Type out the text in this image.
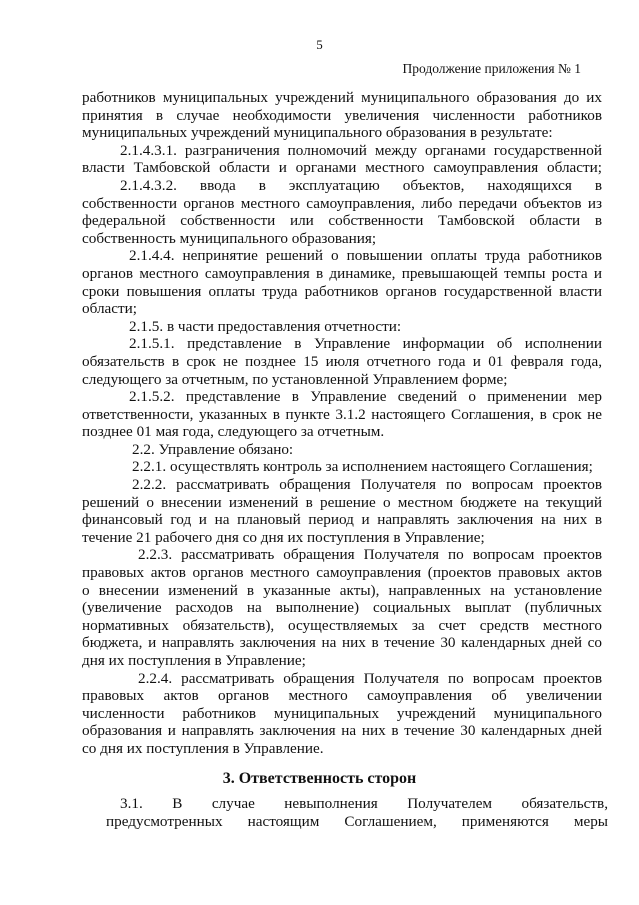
5
Продолжение приложения № 1

работников муниципальных учреждений муниципального образования до их

принятия в случае необходимости увеличения численности работников

муниципальных учреждений муниципального образования в результате:

2.1.4.3.1. разграничения полномочий между органами государственной

власти Тамбовской области и органами местного самоуправления области;

2.1.4.3.2. ввода в эксплуатацию объектов, находящихся в

собственности органов местного самоуправления, либо передачи объектов из

федеральной собственности или собственности Тамбовской области в

собственность муниципального образования;

2.1.4.4. непринятие решений о повышении оплаты труда работников

органов местного самоуправления в динамике, превышающей темпы роста и

сроки повышения оплаты труда работников органов государственной власти

области;

2.1.5. в части предоставления отчетности:

2.1.5.1. представление в Управление информации об исполнении

обязательств в срок не позднее 15 июля отчетного года и 01 февраля года,

следующего за отчетным, по установленной Управлением форме;

2.1.5.2. представление в Управление сведений о применении мер

ответственности, указанных в пункте 3.1.2 настоящего Соглашения, в срок не

позднее 01 мая года, следующего за отчетным.

2.2. Управление обязано:

2.2.1. осуществлять контроль за исполнением настоящего Соглашения;

2.2.2. рассматривать обращения Получателя по вопросам проектов

решений о внесении изменений в решение о местном бюджете на текущий

финансовый год и на плановый период и направлять заключения на них в

течение 21 рабочего дня со дня их поступления в Управление;

2.2.3. рассматривать обращения Получателя по вопросам проектов

правовых актов органов местного самоуправления (проектов правовых актов

о внесении изменений в указанные акты), направленных на установление

(увеличение расходов на выполнение) социальных выплат (публичных

нормативных обязательств), осуществляемых за счет средств местного

бюджета, и направлять заключения на них в течение 30 календарных дней со

дня их поступления в Управление;

2.2.4. рассматривать обращения Получателя по вопросам проектов

правовых актов органов местного самоуправления об увеличении

численности работников муниципальных учреждений муниципального

образования и направлять заключения на них в течение 30 календарных дней

со дня их поступления в Управление.

3. Ответственность сторон

3.1. В случае невыполнения Получателем обязательств,

предусмотренных настоящим Соглашением, применяются меры
